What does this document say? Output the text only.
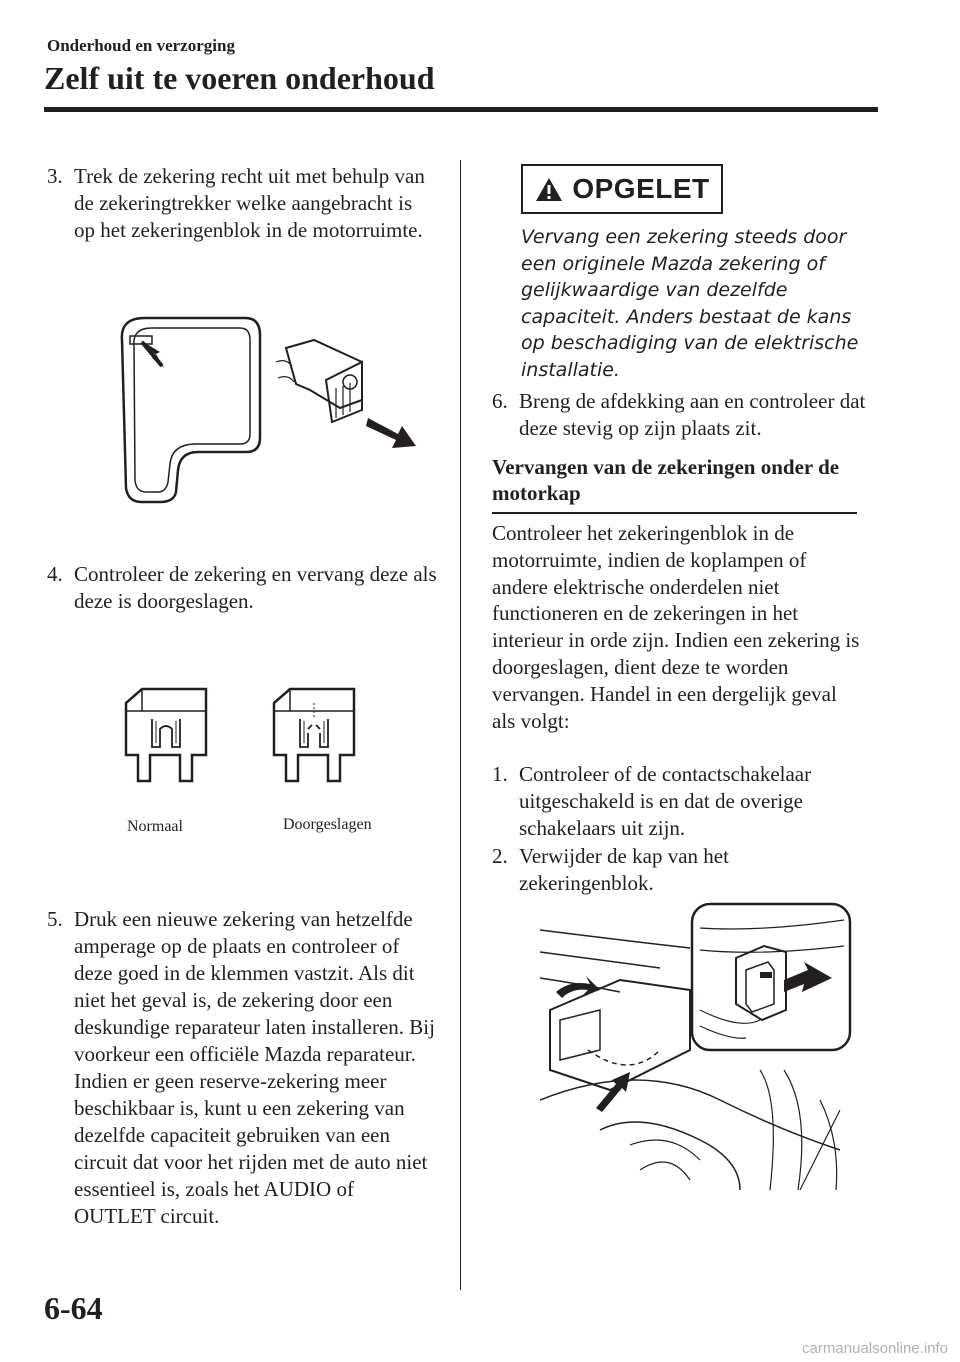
Onderhoud en verzorging
Zelf uit te voeren onderhoud
3. Trek de zekering recht uit met behulp van de zekeringtrekker welke aangebracht is op het zekeringenblok in de motorruimte.
4. Controleer de zekering en vervang deze als deze is doorgeslagen.
Normaal	Doorgeslagen
5. Druk een nieuwe zekering van hetzelfde amperage op de plaats en controleer of deze goed in de klemmen vastzit. Als dit niet het geval is, de zekering door een deskundige reparateur laten installeren. Bij voorkeur een officiële Mazda reparateur.
Indien er geen reserve-zekering meer beschikbaar is, kunt u een zekering van dezelfde capaciteit gebruiken van een circuit dat voor het rijden met de auto niet essentieel is, zoals het AUDIO of OUTLET circuit.
OPGELET
Vervang een zekering steeds door een originele Mazda zekering of gelijkwaardige van dezelfde capaciteit. Anders bestaat de kans op beschadiging van de elektrische installatie.
6. Breng de afdekking aan en controleer dat deze stevig op zijn plaats zit.
Vervangen van de zekeringen onder de motorkap
Controleer het zekeringenblok in de motorruimte, indien de koplampen of andere elektrische onderdelen niet functioneren en de zekeringen in het interieur in orde zijn. Indien een zekering is doorgeslagen, dient deze te worden vervangen. Handel in een dergelijk geval als volgt:
1. Controleer of de contactschakelaar uitgeschakeld is en dat de overige schakelaars uit zijn.
2. Verwijder de kap van het zekeringenblok.
6-64
carmanualsonline.info
